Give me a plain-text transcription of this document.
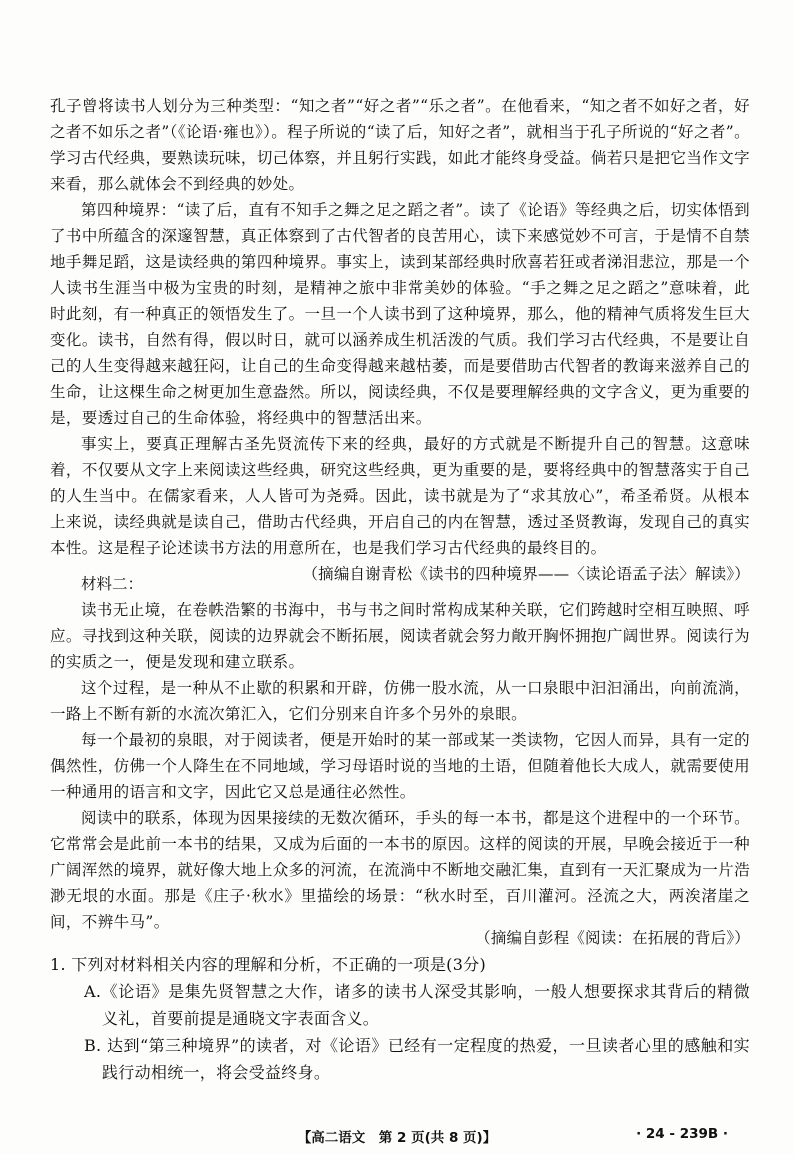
孔子曾将读书人划分为三种类型：“知之者”“好之者”“乐之者”。在他看来，“知之者不如好之者，好之者不如乐之者”（《论语·雍也》）。程子所说的“读了后，知好之者”，就相当于孔子所说的“好之者”。学习古代经典，要熟读玩味，切己体察，并且躬行实践，如此才能终身受益。倘若只是把它当作文字来看，那么就体会不到经典的妙处。

第四种境界：“读了后，直有不知手之舞之足之蹈之者”。读了《论语》等经典之后，切实体悟到了书中所蕴含的深邃智慧，真正体察到了古代智者的良苦用心，读下来感觉妙不可言，于是情不自禁地手舞足蹈，这是读经典的第四种境界。事实上，读到某部经典时欣喜若狂或者涕泪悲泣，那是一个人读书生涯当中极为宝贵的时刻，是精神之旅中非常美妙的体验。“手之舞之足之蹈之”意味着，此时此刻，有一种真正的领悟发生了。一旦一个人读书到了这种境界，那么，他的精神气质将发生巨大变化。读书，自然有得，假以时日，就可以涵养成生机活泼的气质。我们学习古代经典，不是要让自己的人生变得越来越狂闷，让自己的生命变得越来越枯萎，而是要借助古代智者的教诲来滋养自己的生命，让这棵生命之树更加生意盎然。所以，阅读经典，不仅是要理解经典的文字含义，更为重要的是，要透过自己的生命体验，将经典中的智慧活出来。

事实上，要真正理解古圣先贤流传下来的经典，最好的方式就是不断提升自己的智慧。这意味着，不仅要从文字上来阅读这些经典，研究这些经典，更为重要的是，要将经典中的智慧落实于自己的人生当中。在儒家看来，人人皆可为尧舜。因此，读书就是为了“求其放心”，希圣希贤。从根本上来说，读经典就是读自己，借助古代经典，开启自己的内在智慧，透过圣贤教诲，发现自己的真实本性。这是程子论述读书方法的用意所在，也是我们学习古代经典的最终目的。

（摘编自谢青松《读书的四种境界——〈读论语孟子法〉解读》）

材料二：

读书无止境，在卷帙浩繁的书海中，书与书之间时常构成某种关联，它们跨越时空相互映照、呼应。寻找到这种关联，阅读的边界就会不断拓展，阅读者就会努力敞开胸怀拥抱广阔世界。阅读行为的实质之一，便是发现和建立联系。

这个过程，是一种从不止歇的积累和开辟，仿佛一股水流，从一口泉眼中汩汩涌出，向前流淌，一路上不断有新的水流次第汇入，它们分别来自许多个另外的泉眼。

每一个最初的泉眼，对于阅读者，便是开始时的某一部或某一类读物，它因人而异，具有一定的偶然性，仿佛一个人降生在不同地域，学习母语时说的当地的土语，但随着他长大成人，就需要使用一种通用的语言和文字，因此它又总是通往必然性。

阅读中的联系，体现为因果接续的无数次循环，手头的每一本书，都是这个进程中的一个环节。它常常会是此前一本书的结果，又成为后面的一本书的原因。这样的阅读的开展，早晚会接近于一种广阔浑然的境界，就好像大地上众多的河流，在流淌中不断地交融汇集，直到有一天汇聚成为一片浩渺无垠的水面。那是《庄子·秋水》里描绘的场景：“秋水时至，百川灌河。泾流之大，两涘渚崖之间，不辨牛马”。

（摘编自彭程《阅读：在拓展的背后》）

1. 下列对材料相关内容的理解和分析，不正确的一项是(3分)

A.《论语》是集先贤智慧之大作，诸多的读书人深受其影响，一般人想要探求其背后的精微义礼，首要前提是通晓文字表面含义。

B. 达到“第三种境界”的读者，对《论语》已经有一定程度的热爱，一旦读者心里的感触和实践行动相统一，将会受益终身。

【高二语文　第 2 页(共 8 页)】	· 24 - 239B ·
